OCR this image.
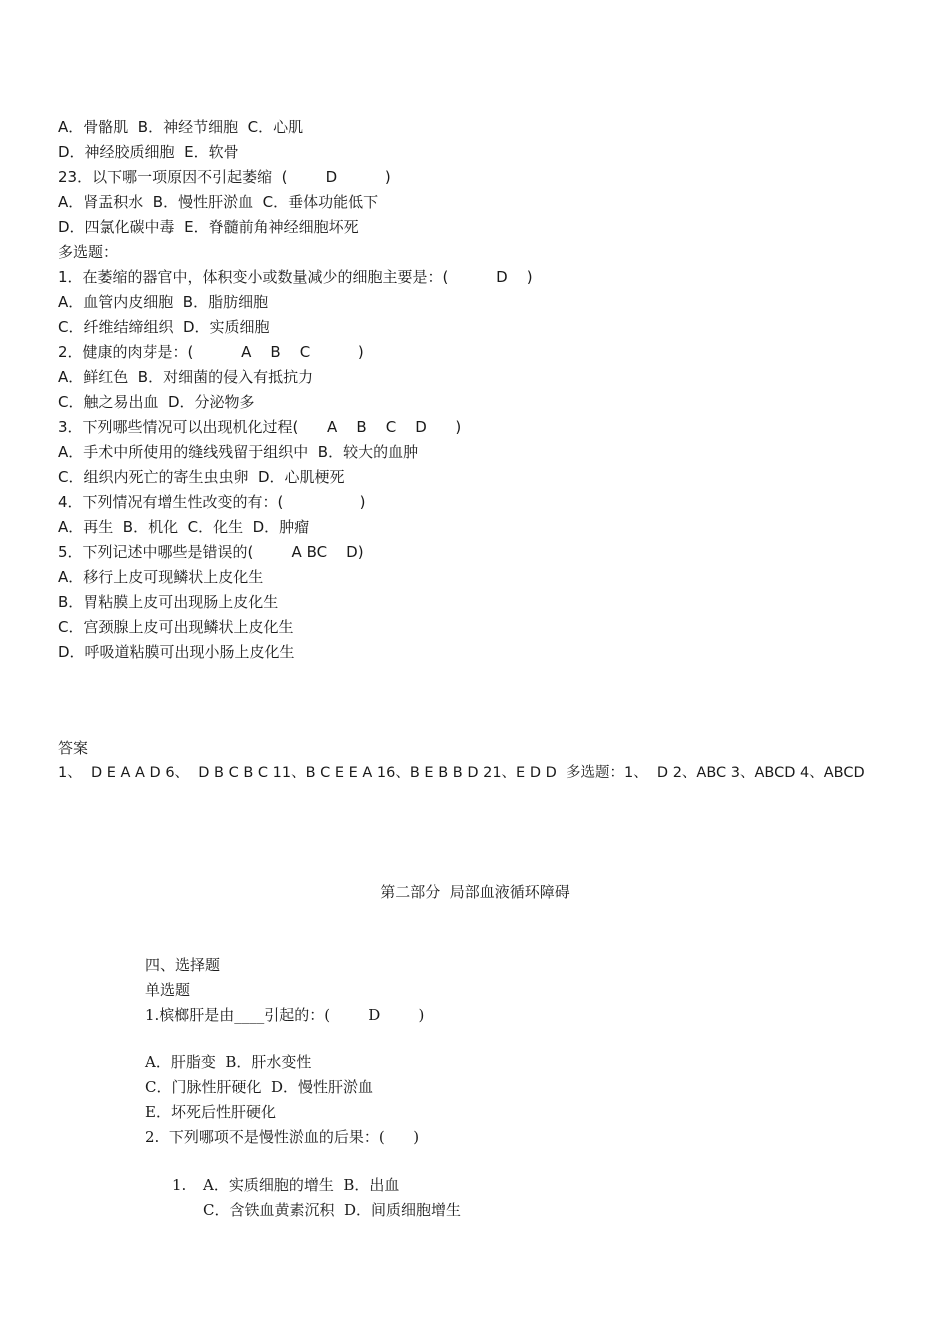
A．骨骼肌  B．神经节细胞  C．心肌
D．神经胶质细胞  E．软骨
23．以下哪一项原因不引起萎缩  (        D          )
A．肾盂积水  B．慢性肝淤血  C．垂体功能低下
D．四氯化碳中毒  E．脊髓前角神经细胞坏死
多选题：
1．在萎缩的器官中，体积变小或数量减少的细胞主要是：(          D    )
A．血管内皮细胞  B．脂肪细胞
C．纤维结缔组织  D．实质细胞
2．健康的肉芽是：(          A    B    C          )
A．鲜红色  B．对细菌的侵入有抵抗力
C．触之易出血  D．分泌物多
3．下列哪些情况可以出现机化过程(      A    B    C    D      )
A．手术中所使用的缝线残留于组织中  B．较大的血肿
C．组织内死亡的寄生虫虫卵  D．心肌梗死
4．下列情况有增生性改变的有：(                )
A．再生  B．机化  C．化生  D．肿瘤
5．下列记述中哪些是错误的(        A BC    D)
A．移行上皮可现鳞状上皮化生
B．胃粘膜上皮可出现肠上皮化生
C．宫颈腺上皮可出现鳞状上皮化生
D．呼吸道粘膜可出现小肠上皮化生
答案
1、  D E A A D 6、  D B C B C 11、B C E E A 16、B E B B D 21、E D D  多选题：1、  D 2、ABC 3、ABCD 4、ABCD
第二部分  局部血液循环障碍
四、选择题
单选题
1.槟榔肝是由____引起的：(        D        )
A．肝脂变  B．肝水变性
C．门脉性肝硬化  D．慢性肝淤血
E．坏死后性肝硬化
2.  下列哪项不是慢性淤血的后果：(      )
1. A．实质细胞的增生  B．出血
C．含铁血黄素沉积  D．间质细胞增生
